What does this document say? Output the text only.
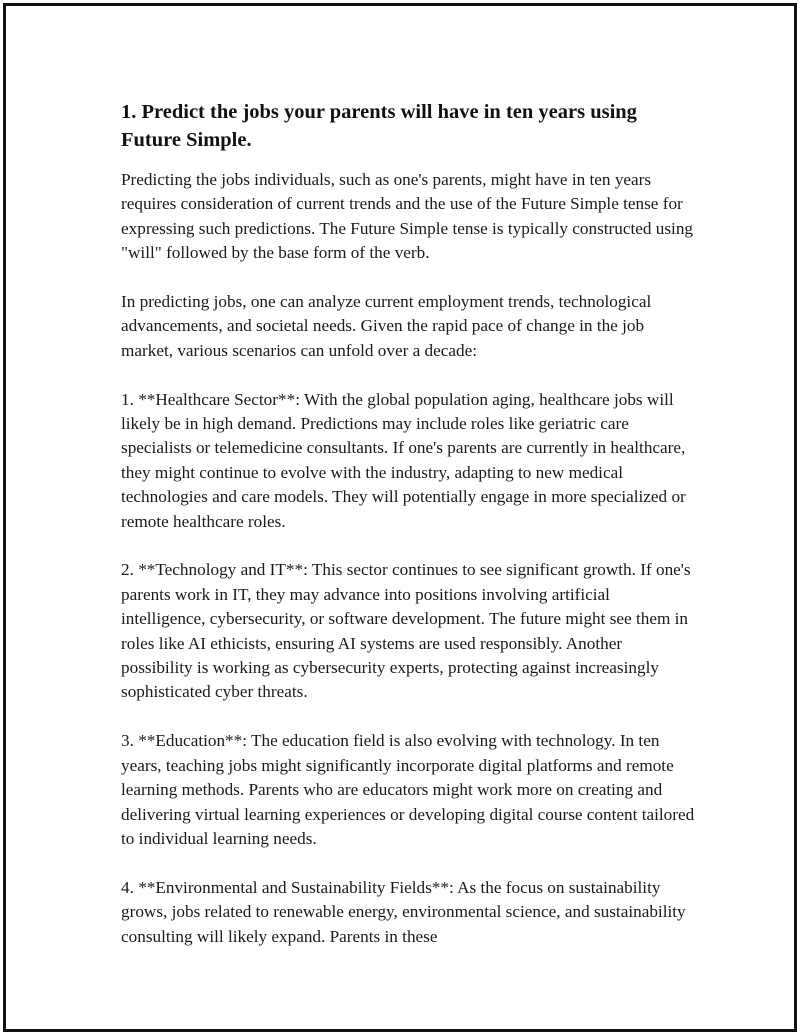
1. Predict the jobs your parents will have in ten years using Future Simple.

Predicting the jobs individuals, such as one's parents, might have in ten years requires consideration of current trends and the use of the Future Simple tense for expressing such predictions. The Future Simple tense is typically constructed using "will" followed by the base form of the verb.

In predicting jobs, one can analyze current employment trends, technological advancements, and societal needs. Given the rapid pace of change in the job market, various scenarios can unfold over a decade:

1. **Healthcare Sector**: With the global population aging, healthcare jobs will likely be in high demand. Predictions may include roles like geriatric care specialists or telemedicine consultants. If one's parents are currently in healthcare, they might continue to evolve with the industry, adapting to new medical technologies and care models. They will potentially engage in more specialized or remote healthcare roles.

2. **Technology and IT**: This sector continues to see significant growth. If one's parents work in IT, they may advance into positions involving artificial intelligence, cybersecurity, or software development. The future might see them in roles like AI ethicists, ensuring AI systems are used responsibly. Another possibility is working as cybersecurity experts, protecting against increasingly sophisticated cyber threats.

3. **Education**: The education field is also evolving with technology. In ten years, teaching jobs might significantly incorporate digital platforms and remote learning methods. Parents who are educators might work more on creating and delivering virtual learning experiences or developing digital course content tailored to individual learning needs.

4. **Environmental and Sustainability Fields**: As the focus on sustainability grows, jobs related to renewable energy, environmental science, and sustainability consulting will likely expand. Parents in these
